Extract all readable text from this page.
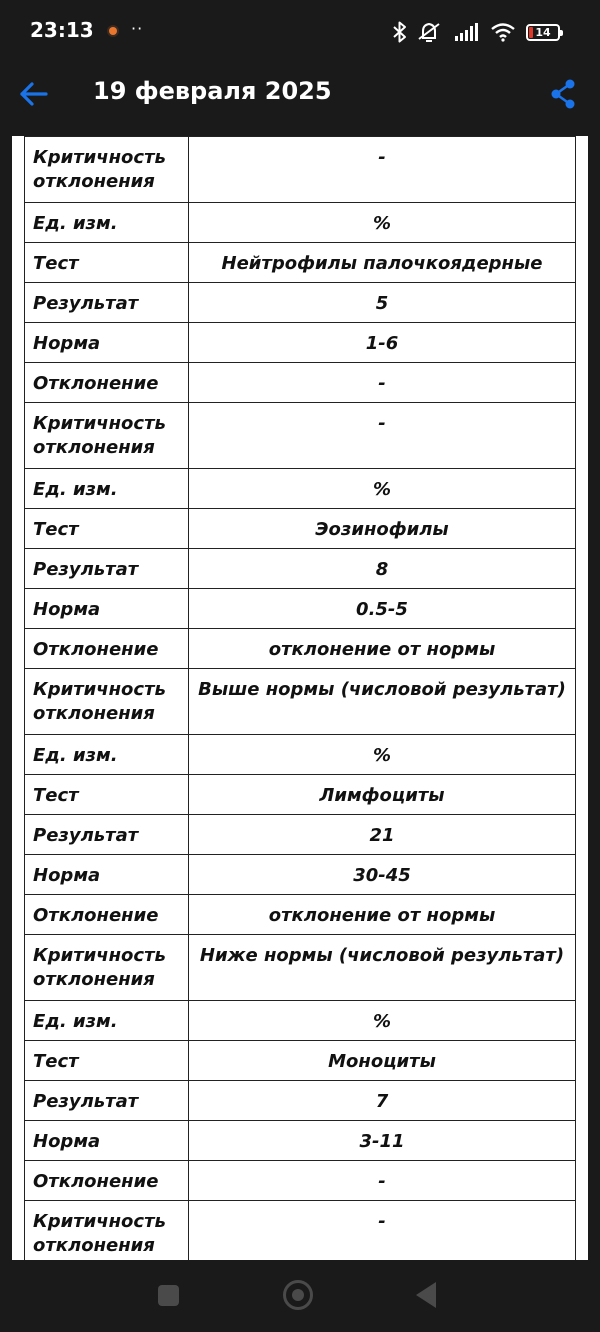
23:13 ··	14
19 февраля 2025
Критичность отклонения	-
Ед. изм.	%
Тест	Нейтрофилы палочкоядерные
Результат	5
Норма	1-6
Отклонение	-
Критичность отклонения	-
Ед. изм.	%
Тест	Эозинофилы
Результат	8
Норма	0.5-5
Отклонение	отклонение от нормы
Критичность отклонения	Выше нормы (числовой результат)
Ед. изм.	%
Тест	Лимфоциты
Результат	21
Норма	30-45
Отклонение	отклонение от нормы
Критичность отклонения	Ниже нормы (числовой результат)
Ед. изм.	%
Тест	Моноциты
Результат	7
Норма	3-11
Отклонение	-
Критичность отклонения	-
